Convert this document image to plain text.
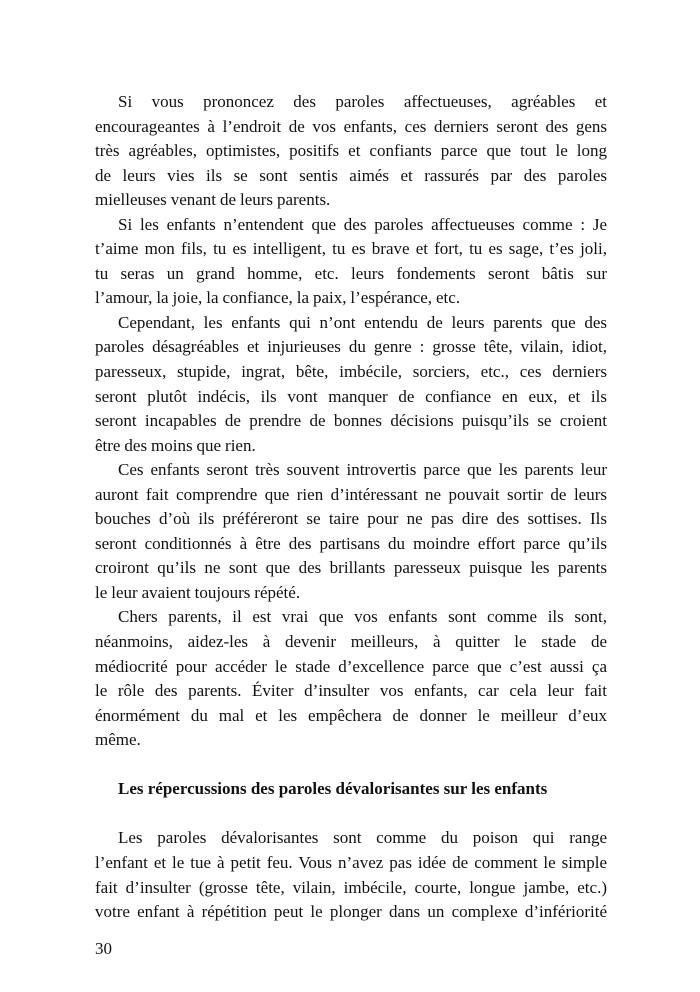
Si vous prononcez des paroles affectueuses, agréables et
encourageantes à l’endroit de vos enfants, ces derniers seront des gens
très agréables, optimistes, positifs et confiants parce que tout le long
de leurs vies ils se sont sentis aimés et rassurés par des paroles
mielleuses venant de leurs parents.
Si les enfants n’entendent que des paroles affectueuses comme : Je
t’aime mon fils, tu es intelligent, tu es brave et fort, tu es sage, t’es joli,
tu seras un grand homme, etc. leurs fondements seront bâtis sur
l’amour, la joie, la confiance, la paix, l’espérance, etc.
Cependant, les enfants qui n’ont entendu de leurs parents que des
paroles désagréables et injurieuses du genre : grosse tête, vilain, idiot,
paresseux, stupide, ingrat, bête, imbécile, sorciers, etc., ces derniers
seront plutôt indécis, ils vont manquer de confiance en eux, et ils
seront incapables de prendre de bonnes décisions puisqu’ils se croient
être des moins que rien.
Ces enfants seront très souvent introvertis parce que les parents leur
auront fait comprendre que rien d’intéressant ne pouvait sortir de leurs
bouches d’où ils préféreront se taire pour ne pas dire des sottises. Ils
seront conditionnés à être des partisans du moindre effort parce qu’ils
croiront qu’ils ne sont que des brillants paresseux puisque les parents
le leur avaient toujours répété.
Chers parents, il est vrai que vos enfants sont comme ils sont,
néanmoins, aidez-les à devenir meilleurs, à quitter le stade de
médiocrité pour accéder le stade d’excellence parce que c’est aussi ça
le rôle des parents. Éviter d’insulter vos enfants, car cela leur fait
énormément du mal et les empêchera de donner le meilleur d’eux
même.
Les répercussions des paroles dévalorisantes sur les enfants
Les paroles dévalorisantes sont comme du poison qui range
l’enfant et le tue à petit feu. Vous n’avez pas idée de comment le simple
fait d’insulter (grosse tête, vilain, imbécile, courte, longue jambe, etc.)
votre enfant à répétition peut le plonger dans un complexe d’infériorité
30
